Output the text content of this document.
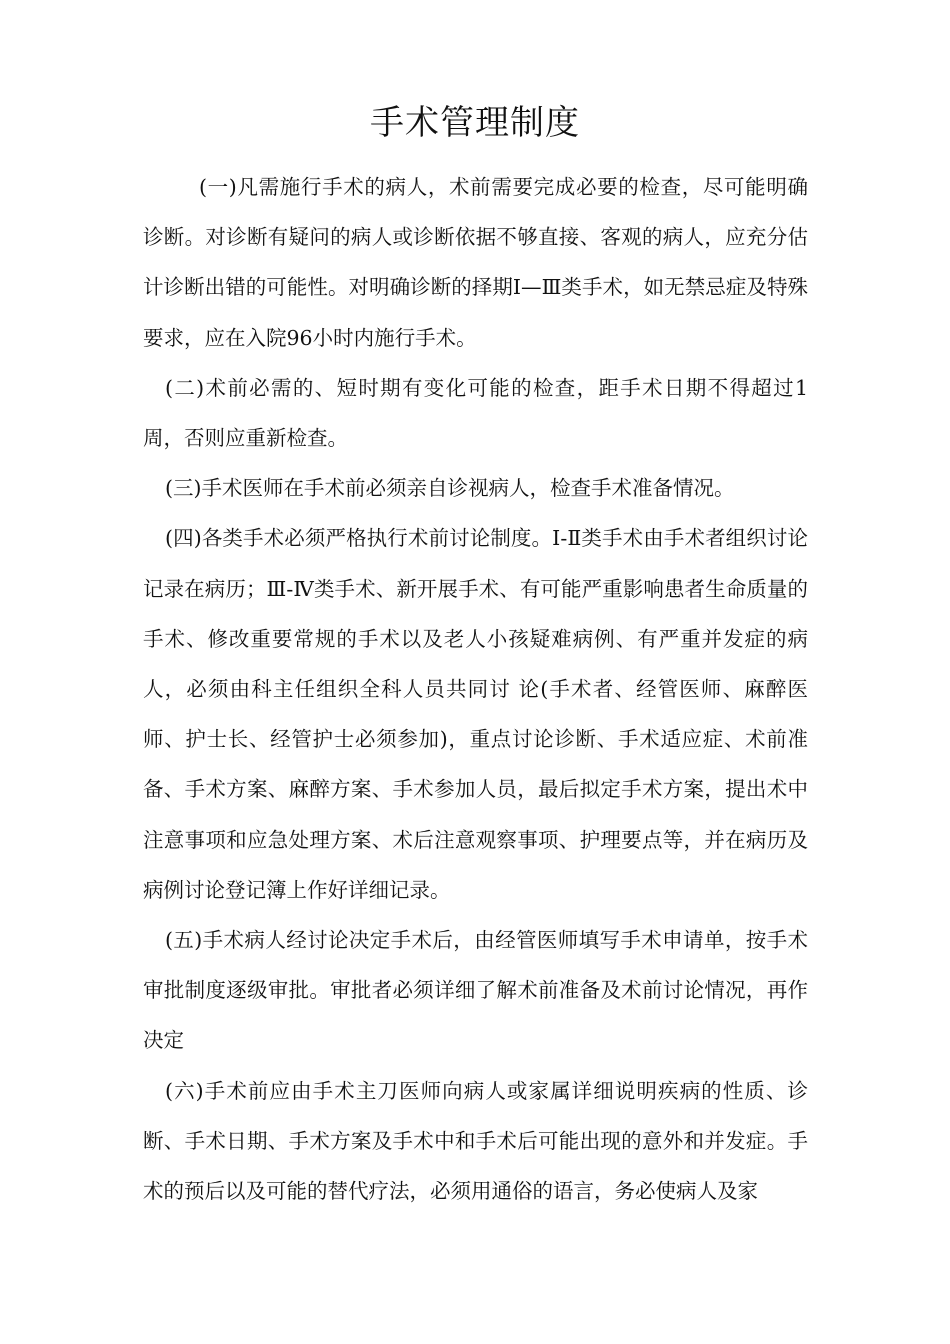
手术管理制度

(一)凡需施行手术的病人，术前需要完成必要的检查，尽可能明确诊断。对诊断有疑问的病人或诊断依据不够直接、客观的病人，应充分估计诊断出错的可能性。对明确诊断的择期Ⅰ—Ⅲ类手术，如无禁忌症及特殊要求，应在入院96小时内施行手术。

(二)术前必需的、短时期有变化可能的检查，距手术日期不得超过1周，否则应重新检查。

(三)手术医师在手术前必须亲自诊视病人，检查手术准备情况。

(四)各类手术必须严格执行术前讨论制度。Ⅰ-Ⅱ类手术由手术者组织讨论记录在病历；Ⅲ-Ⅳ类手术、新开展手术、有可能严重影响患者生命质量的手术、修改重要常规的手术以及老人小孩疑难病例、有严重并发症的病人，必须由科主任组织全科人员共同讨 论(手术者、经管医师、麻醉医师、护士长、经管护士必须参加)，重点讨论诊断、手术适应症、术前准备、手术方案、麻醉方案、手术参加人员，最后拟定手术方案，提出术中注意事项和应急处理方案、术后注意观察事项、护理要点等，并在病历及病例讨论登记簿上作好详细记录。

(五)手术病人经讨论决定手术后，由经管医师填写手术申请单，按手术审批制度逐级审批。审批者必须详细了解术前准备及术前讨论情况，再作决定

(六)手术前应由手术主刀医师向病人或家属详细说明疾病的性质、诊断、手术日期、手术方案及手术中和手术后可能出现的意外和并发症。手术的预后以及可能的替代疗法，必须用通俗的语言，务必使病人及家
